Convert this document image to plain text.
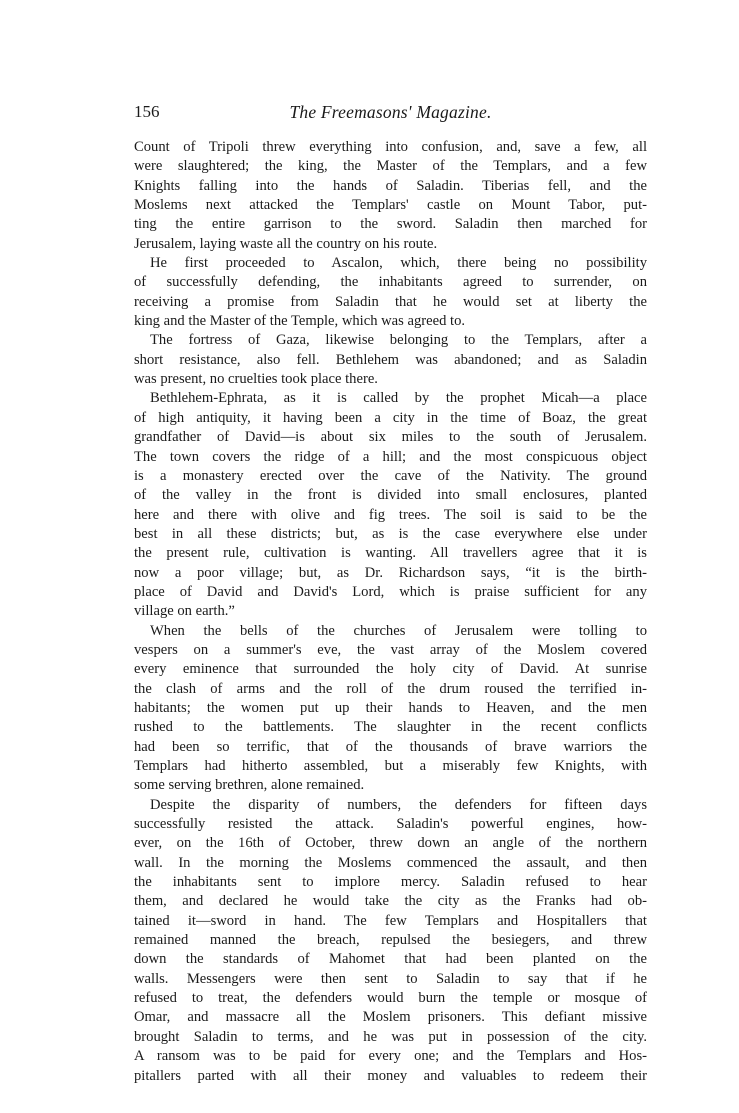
156	The Freemasons' Magazine.
Count of Tripoli threw everything into confusion, and, save a few, all
were slaughtered; the king, the Master of the Templars, and a few
Knights falling into the hands of Saladin. Tiberias fell, and the
Moslems next attacked the Templars' castle on Mount Tabor, put-
ting the entire garrison to the sword. Saladin then marched for
Jerusalem, laying waste all the country on his route.
He first proceeded to Ascalon, which, there being no possibility
of successfully defending, the inhabitants agreed to surrender, on
receiving a promise from Saladin that he would set at liberty the
king and the Master of the Temple, which was agreed to.
The fortress of Gaza, likewise belonging to the Templars, after a
short resistance, also fell. Bethlehem was abandoned; and as Saladin
was present, no cruelties took place there.
Bethlehem-Ephrata, as it is called by the prophet Micah—a place
of high antiquity, it having been a city in the time of Boaz, the great
grandfather of David—is about six miles to the south of Jerusalem.
The town covers the ridge of a hill; and the most conspicuous object
is a monastery erected over the cave of the Nativity. The ground
of the valley in the front is divided into small enclosures, planted
here and there with olive and fig trees. The soil is said to be the
best in all these districts; but, as is the case everywhere else under
the present rule, cultivation is wanting. All travellers agree that it is
now a poor village; but, as Dr. Richardson says, “it is the birth-
place of David and David's Lord, which is praise sufficient for any
village on earth.”
When the bells of the churches of Jerusalem were tolling to
vespers on a summer's eve, the vast array of the Moslem covered
every eminence that surrounded the holy city of David. At sunrise
the clash of arms and the roll of the drum roused the terrified in-
habitants; the women put up their hands to Heaven, and the men
rushed to the battlements. The slaughter in the recent conflicts
had been so terrific, that of the thousands of brave warriors the
Templars had hitherto assembled, but a miserably few Knights, with
some serving brethren, alone remained.
Despite the disparity of numbers, the defenders for fifteen days
successfully resisted the attack. Saladin's powerful engines, how-
ever, on the 16th of October, threw down an angle of the northern
wall. In the morning the Moslems commenced the assault, and then
the inhabitants sent to implore mercy. Saladin refused to hear
them, and declared he would take the city as the Franks had ob-
tained it—sword in hand. The few Templars and Hospitallers that
remained manned the breach, repulsed the besiegers, and threw
down the standards of Mahomet that had been planted on the
walls. Messengers were then sent to Saladin to say that if he
refused to treat, the defenders would burn the temple or mosque of
Omar, and massacre all the Moslem prisoners. This defiant missive
brought Saladin to terms, and he was put in possession of the city.
A ransom was to be paid for every one; and the Templars and Hos-
pitallers parted with all their money and valuables to redeem their
